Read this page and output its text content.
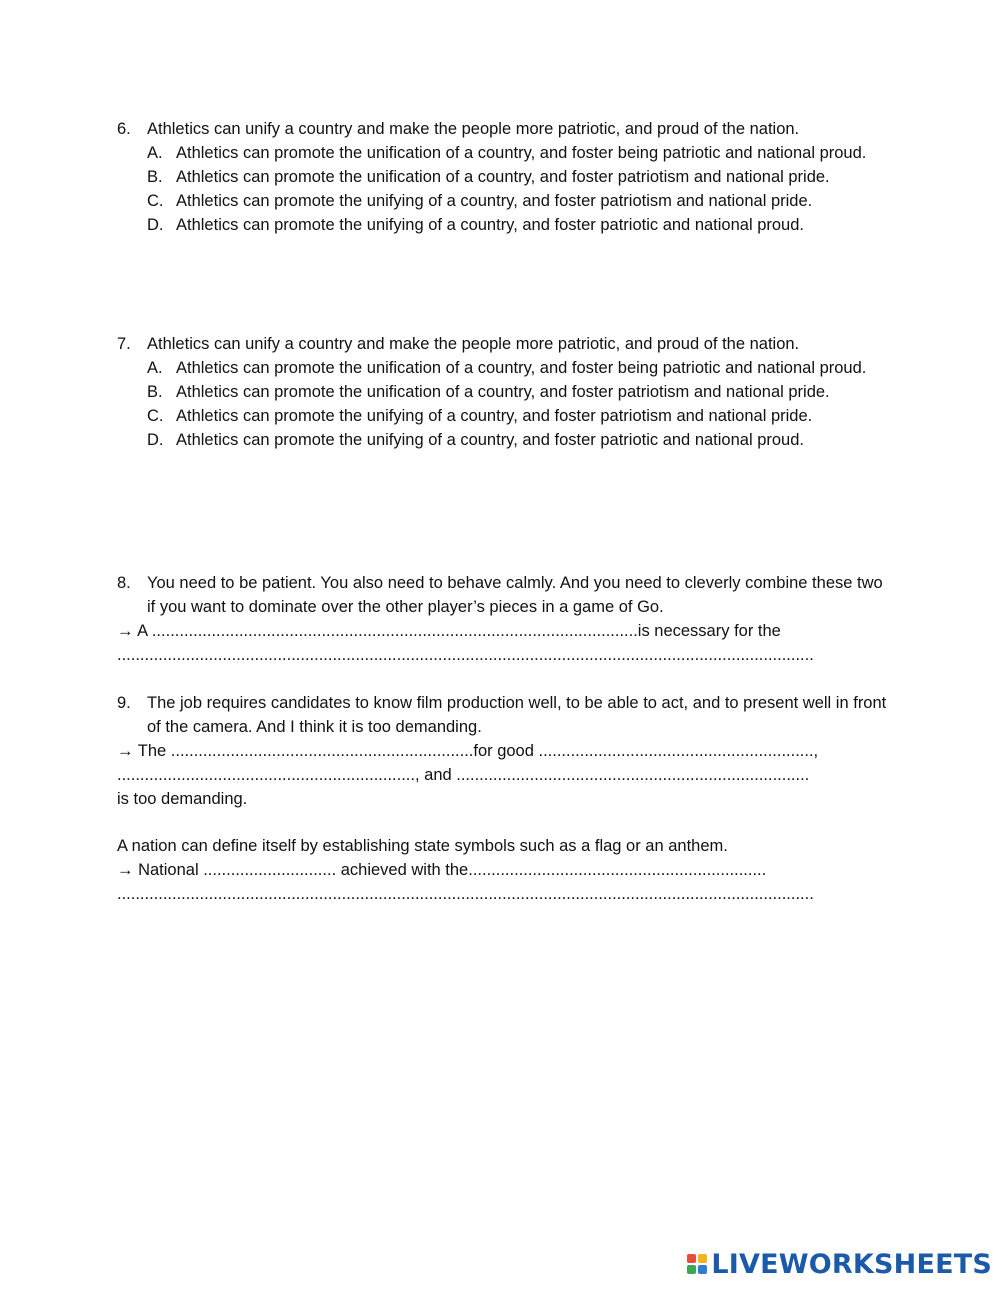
6. Athletics can unify a country and make the people more patriotic, and proud of the nation.
A. Athletics can promote the unification of a country, and foster being patriotic and national proud.
B. Athletics can promote the unification of a country, and foster patriotism and national pride.
C. Athletics can promote the unifying of a country, and foster patriotism and national pride.
D. Athletics can promote the unifying of a country, and foster patriotic and national proud.
7. Athletics can unify a country and make the people more patriotic, and proud of the nation.
A. Athletics can promote the unification of a country, and foster being patriotic and national proud.
B. Athletics can promote the unification of a country, and foster patriotism and national pride.
C. Athletics can promote the unifying of a country, and foster patriotism and national pride.
D. Athletics can promote the unifying of a country, and foster patriotic and national proud.
8. You need to be patient. You also need to behave calmly. And you need to cleverly combine these two if you want to dominate over the other player’s pieces in a game of Go.
→ A ..........................................................................................................is necessary for the
........................................................................................................................................................
9. The job requires candidates to know film production well, to be able to act, and to present well in front of the camera. And I think it is too demanding.
→ The ..................................................................for good ............................................................,
................................................................., and .............................................................................
is too demanding.
A nation can define itself by establishing state symbols such as a flag or an anthem.
→ National ............................. achieved with the.................................................................
........................................................................................................................................................
LIVEWORKSHEETS
